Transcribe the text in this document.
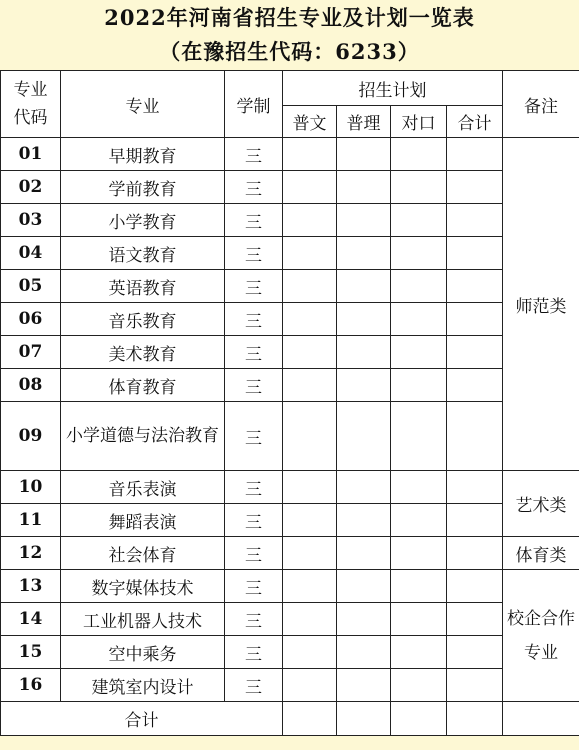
2022年河南省招生专业及计划一览表
（在豫招生代码：6233）
专业
代码	专业	学制	招生计划				备注
			普文	普理	对口	合计	
01	早期教育	三					师范类
02	学前教育	三					
03	小学教育	三					
04	语文教育	三					
05	英语教育	三					
06	音乐教育	三					
07	美术教育	三					
08	体育教育	三					
09	小学道德与法治教育	三					
10	音乐表演	三					艺术类
11	舞蹈表演	三					
12	社会体育	三					体育类
13	数字媒体技术	三					校企合作专业
14	工业机器人技术	三					
15	空中乘务	三					
16	建筑室内设计	三					
合计							
